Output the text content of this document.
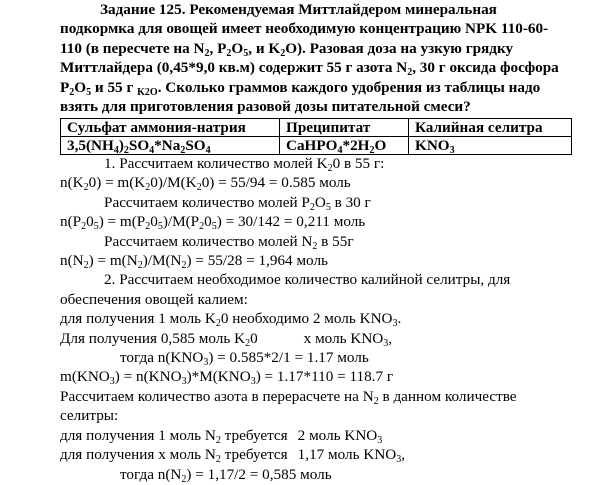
Задание 125. Рекомендуемая Миттлайдером минеральная
подкормка для овощей имеет необходимую концентрацию NPK 110-60-
110 (в пересчете на $N_2$, $P_2O_5$, и $K_2O$). Разовая доза на узкую грядку
Миттлайдера (0,45*9,0 кв.м) содержит 55 г азота $N_2$, 30 г оксида фосфора
$P_2O_5$ и 55 г $_{K2O}$. Сколько граммов каждого удобрения из таблицы надо
взять для приготовления разовой дозы питательной смеси?
Сульфат аммония-натрия	Преципитат	Калийная селитра
$3,5(NH_4)_2SO_4*Na_2SO_4$	$CaHPO_4*2H_2O$	$KNO_3$
1. Рассчитаем количество молей $K_20$ в 55 г:
$n(K_20) = m(K_20)/M(K_20) = 55/94 = 0.585$ моль
Рассчитаем количество молей $P_2O_5$ в 30 г
$n(P_20_5) = m(P_20_5)/M(P_20_5) = 30/142 = 0,211$ моль
Рассчитаем количество молей $N_2$ в 55г
$n(N_2) = m(N_2)/M(N_2) = 55/28 = 1,964$ моль
2. Рассчитаем необходимое количество калийной селитры, для
обеспечения овощей калием:
для получения 1 моль $K_20$ необходимо 2 моль $KNO_3$.
Для получения 0,585 моль $K_20$	x моль $KNO_3$,
тогда $n(KNO_3) = 0.585*2/1 = 1.17$ моль
$m(KNO_3) = n(KNO_3)*M(KNO_3) = 1.17*110 = 118.7$ г
Рассчитаем количество азота в перерасчете на $N_2$ в данном количестве
селитры:
для получения 1 моль $N_2$ требуется 2 моль $KNO_3$
для получения х моль $N_2$ требуется 1,17 моль $KNO_3$,
тогда $n(N_2) = 1,17/2 = 0,585$ моль
